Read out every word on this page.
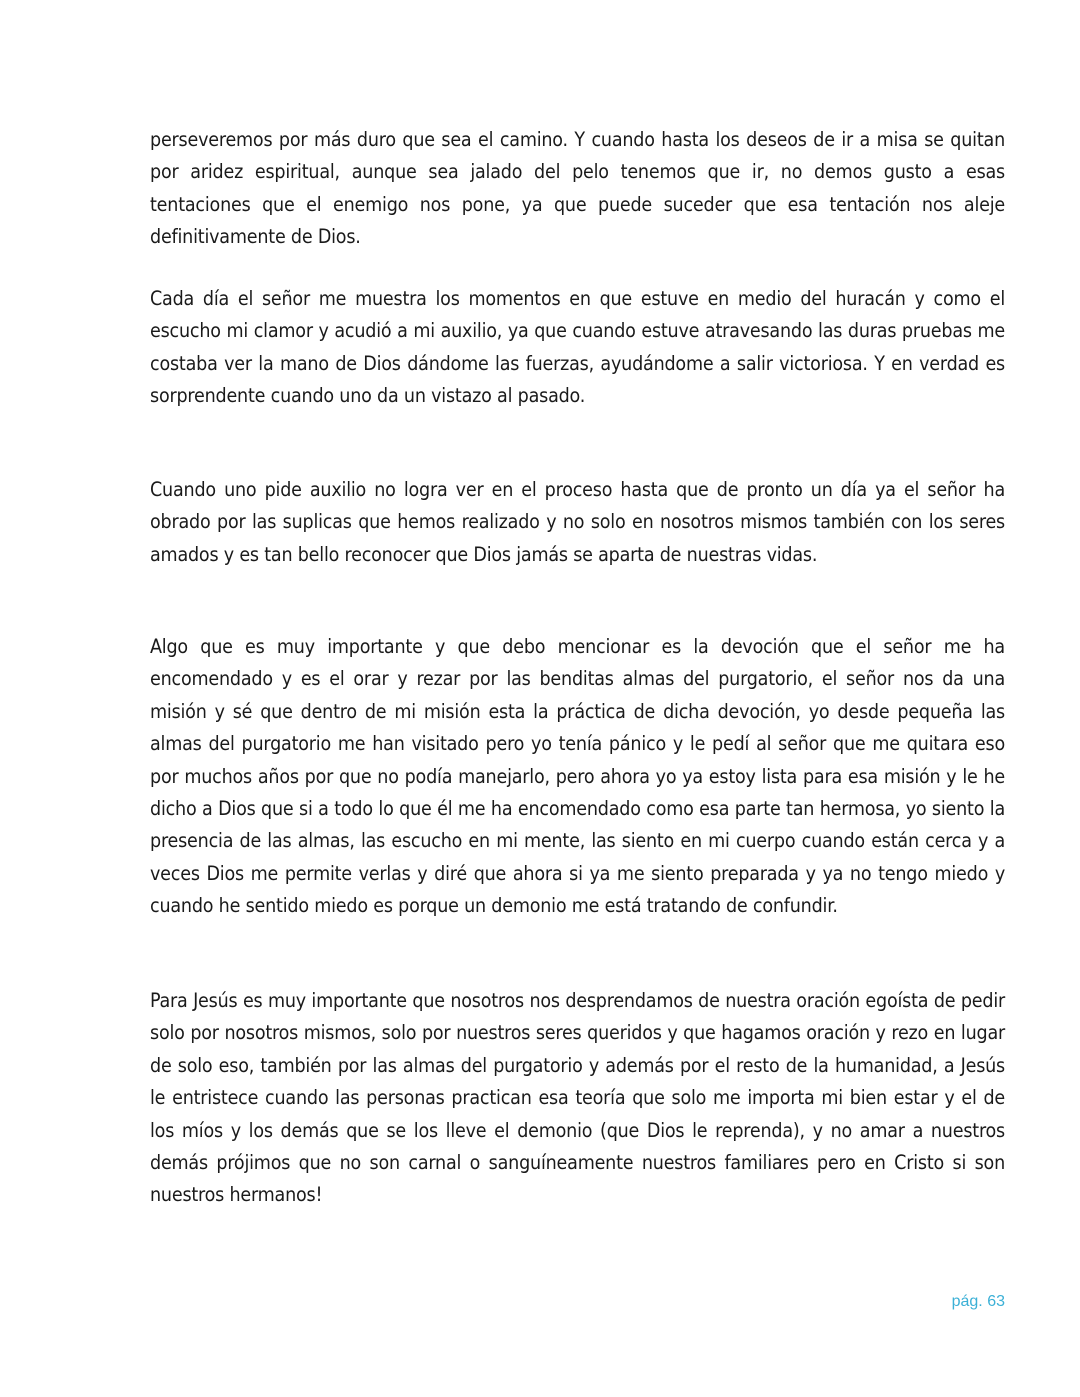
perseveremos por más duro que sea el camino. Y cuando hasta los deseos de ir a misa se quitan por aridez espiritual, aunque sea jalado del pelo tenemos que ir, no demos gusto a esas tentaciones que el enemigo nos pone, ya que puede suceder que esa tentación nos aleje definitivamente de Dios.

Cada día el señor me muestra los momentos en que estuve en medio del huracán y como el escucho mi clamor y acudió a mi auxilio, ya que cuando estuve atravesando las duras pruebas me costaba ver la mano de Dios dándome las fuerzas, ayudándome a salir victoriosa. Y en verdad es sorprendente cuando uno da un vistazo al pasado.

Cuando uno pide auxilio no logra ver en el proceso hasta que de pronto un día ya el señor ha obrado por las suplicas que hemos realizado y no solo en nosotros mismos también con los seres amados y es tan bello reconocer que Dios jamás se aparta de nuestras vidas.

Algo que es muy importante y que debo mencionar es la devoción que el señor me ha encomendado y es el orar y rezar por las benditas almas del purgatorio, el señor nos da una misión y sé que dentro de mi misión esta la práctica de dicha devoción, yo desde pequeña las almas del purgatorio me han visitado pero yo tenía pánico y le pedí al señor que me quitara eso por muchos años por que no podía manejarlo, pero ahora yo ya estoy lista para esa misión y le he dicho a Dios que si a todo lo que él me ha encomendado como esa parte tan hermosa, yo siento la presencia de las almas, las escucho en mi mente, las siento en mi cuerpo cuando están cerca y a veces Dios me permite verlas y diré que ahora si ya me siento preparada y ya no tengo miedo y cuando he sentido miedo es porque un demonio me está tratando de confundir.

Para Jesús es muy importante que nosotros nos desprendamos de nuestra oración egoísta de pedir solo por nosotros mismos, solo por nuestros seres queridos y que hagamos oración y rezo en lugar de solo eso, también por las almas del purgatorio y además por el resto de la humanidad, a Jesús le entristece cuando las personas practican esa teoría que solo me importa mi bien estar y el de los míos y los demás que se los lleve el demonio (que Dios le reprenda), y no amar a nuestros demás prójimos que no son carnal o sanguíneamente nuestros familiares pero en Cristo si son nuestros hermanos!

pág. 63
